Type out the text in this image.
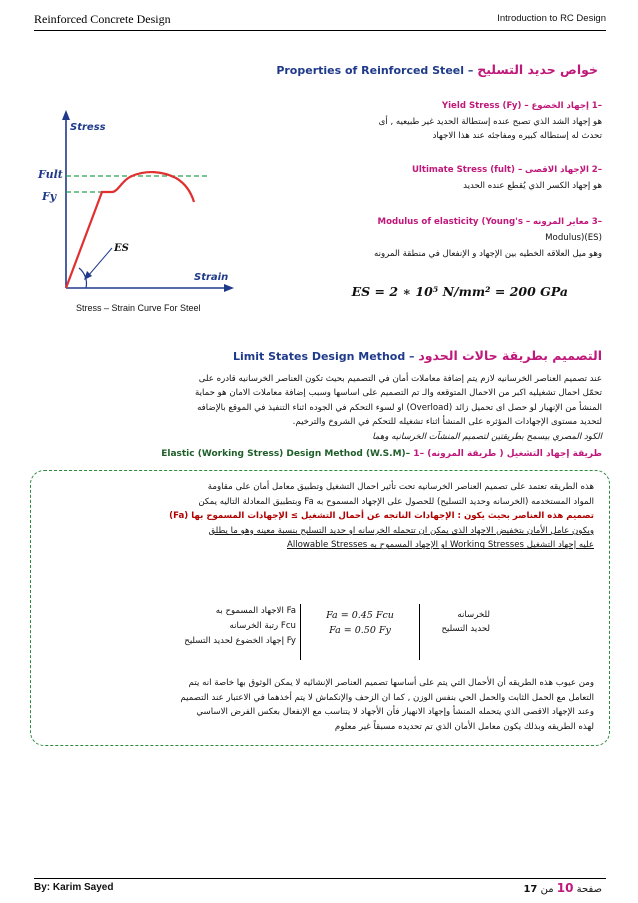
Reinforced Concrete Design	Introduction to RC Design
Properties of Reinforced Steel – خواص حديد التسليح
Stress
Fult
Fy
ES
Strain
Stress – Strain Curve For Steel
–1 إجهاد الخضوع Yield Stress (Fy) –
هو إجهاد الشد الذي تصبح عنده إستطالة الحديد غير طبيعيه , أى
تحدث له إستطاله كبيره ومفاجئه عند هذا الاجهاد
–2 الإجهاد الاقصى Ultimate Stress (fult) –
هو إجهاد الكسر الذي يُقطع عنده الحديد
–3 معاير المرونه Modulus of elasticity (Young's –
(ES)(Modulus
وهو ميل العلاقه الخطيه بين الإجهاد و الإنفعال في منطقة المرونه
ES = 2 ∗ 10⁵ N/mm² = 200 GPa
Limit States Design Method – التصميم بطريقة حالات الحدود
عند تصميم العناصر الخرسانيه لازم يتم إضافة معاملات أمان في التصميم بحيث تكون العناصر الخرسانيه قادره على
تحمّل احمال تشغيليه اكبر من الاحمال المتوقعه والـ تم التصميم على اساسها وسبب إضافة معاملات الامان هو حماية
المنشأ من الإنهيار لو حصل اى تحميل زائد (Overload) او لسوء التحكم في الجوده اثناء التنفيذ في الموقع بالإضافه
لتحديد مستوى الإجهادات المؤثره على المنشأ اثناء تشغيله للتحكم في الشروخ والترخيم.
الكود المصري بيسمح بطريقتين لتصميم المنشآت الخرسانيه وهما
Elastic (Working Stress) Design Method (W.S.M)– طريقة إجهاد التشغيل ( طريقة المرونه) –1
هذه الطريقه تعتمد على تصميم العناصر الخرسانيه تحت تأثير احمال التشغيل وتطبيق معامل أمان على مقاومة
المواد المستخدمه (الخرسانه وحديد التسليح) للحصول على الإجهاد المسموح به Fa وبتطبيق المعادلة التاليه يمكن
تصميم هذه العناصر بحيث يكون : الإجهادات الناتجه عن أحمال التشغيل ≥ الإجهادات المسموح بها (Fa)
ويكون عامل الأمان بتخفيض الاجهاد الذي يمكن ان تتحمله الخرسانه او حديد التسليح بنسبة معينه وهو ما يطلق
عليه إجهاد التشغيل Working Stresses او الإجهاد المسموح به Allowable Stresses
للخرسانه
لحديد التسليح
Fa = 0.45 Fcu
Fa = 0.50 Fy
Fa الاجهاد المسموح به
Fcu رتبة الخرسانه
Fy إجهاد الخضوع لحديد التسليح
ومن عيوب هذه الطريقه أن الأحمال التي يتم على أساسها تصميم العناصر الإنشائيه لا يمكن الوثوق بها خاصة انه يتم
التعامل مع الحمل الثابت والحمل الحي بنفس الوزن , كما ان الزحف والإنكماش لا يتم أخذهما في الاعتبار عند التصميم
وعند الإجهاد الاقصى الذي يتحمله المنشأ وإجهاد الانهيار فأن الأجهاد لا يتناسب مع الإنفعال بعكس الفرض الاساسي
لهذه الطريقه وبذلك يكون معامل الأمان الذي تم تحديده مسبقاً غير معلوم
By: Karim Sayed	صفحة 10 من 17
